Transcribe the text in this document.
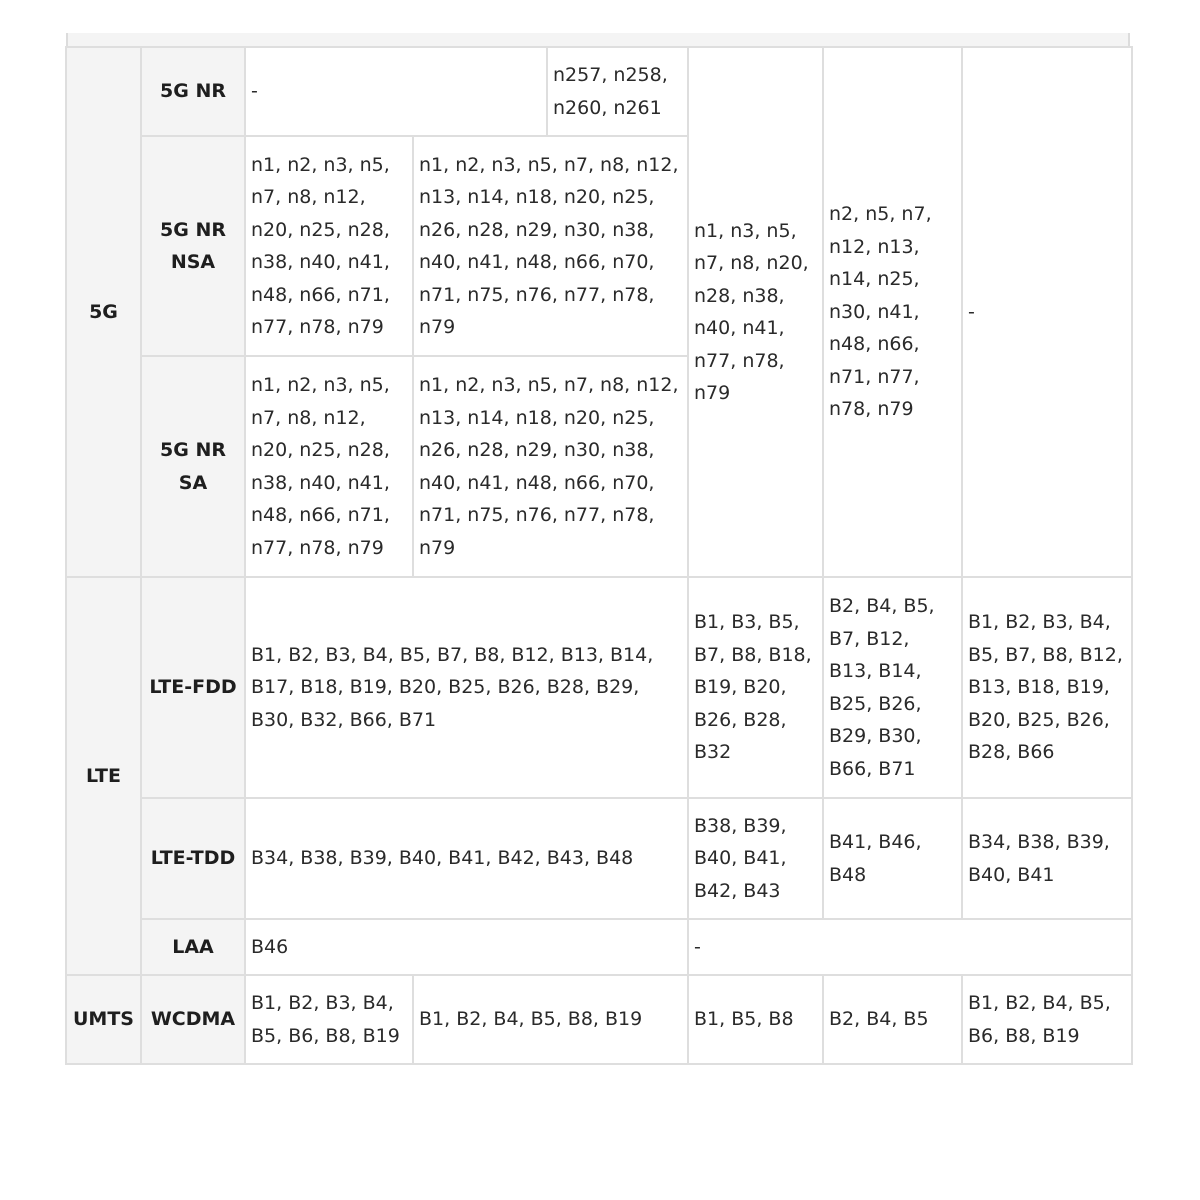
5G	5G NR	-		n257, n258, n260, n261	n1, n3, n5, n7, n8, n20, n28, n38, n40, n41, n77, n78, n79	n2, n5, n7, n12, n13, n14, n25, n30, n41, n48, n66, n71, n77, n78, n79	-
	5G NR NSA	n1, n2, n3, n5, n7, n8, n12, n20, n25, n28, n38, n40, n41, n48, n66, n71, n77, n78, n79	n1, n2, n3, n5, n7, n8, n12, n13, n14, n18, n20, n25, n26, n28, n29, n30, n38, n40, n41, n48, n66, n70, n71, n75, n76, n77, n78, n79				
	5G NR SA	n1, n2, n3, n5, n7, n8, n12, n20, n25, n28, n38, n40, n41, n48, n66, n71, n77, n78, n79	n1, n2, n3, n5, n7, n8, n12, n13, n14, n18, n20, n25, n26, n28, n29, n30, n38, n40, n41, n48, n66, n70, n71, n75, n76, n77, n78, n79				
LTE	LTE-FDD	B1, B2, B3, B4, B5, B7, B8, B12, B13, B14, B17, B18, B19, B20, B25, B26, B28, B29, B30, B32, B66, B71			B1, B3, B5, B7, B8, B18, B19, B20, B26, B28, B32	B2, B4, B5, B7, B12, B13, B14, B25, B26, B29, B30, B66, B71	B1, B2, B3, B4, B5, B7, B8, B12, B13, B18, B19, B20, B25, B26, B28, B66
	LTE-TDD	B34, B38, B39, B40, B41, B42, B43, B48			B38, B39, B40, B41, B42, B43	B41, B46, B48	B34, B38, B39, B40, B41
	LAA	B46			-		
UMTS	WCDMA	B1, B2, B3, B4, B5, B6, B8, B19	B1, B2, B4, B5, B8, B19		B1, B5, B8	B2, B4, B5	B1, B2, B4, B5, B6, B8, B19
